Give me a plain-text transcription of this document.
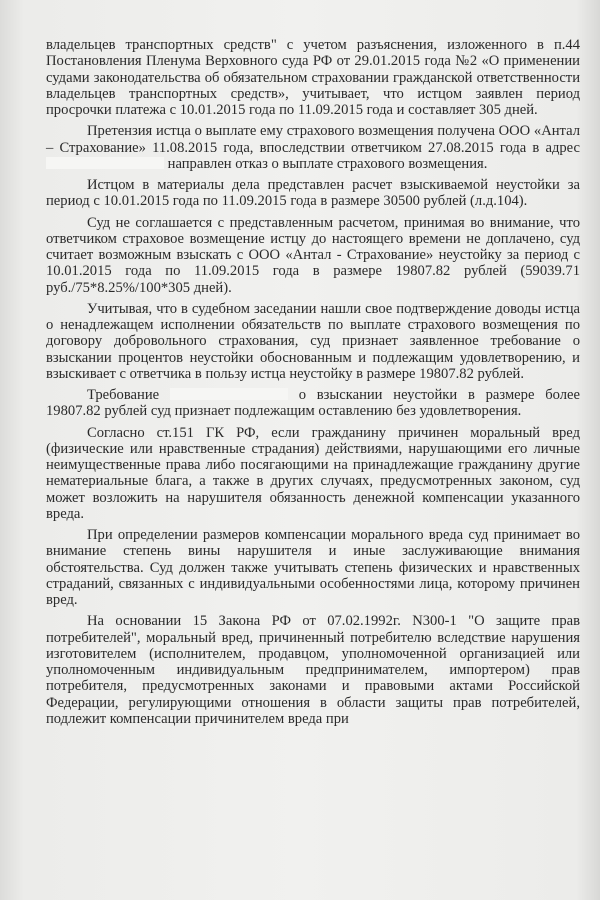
владельцев транспортных средств" с учетом разъяснения, изложенного в п.44 Постановления Пленума Верховного суда РФ от 29.01.2015 года №2 «О применении судами законодательства об обязательном страховании гражданской ответственности владельцев транспортных средств», учитывает, что истцом заявлен период просрочки платежа с 10.01.2015 года по 11.09.2015 года и составляет 305 дней.

Претензия истца о выплате ему страхового возмещения получена ООО «Антал – Страхование» 11.08.2015 года, впоследствии ответчиком 27.08.2015 года в адрес  направлен отказ о выплате страхового возмещения.

Истцом в материалы дела представлен расчет взыскиваемой неустойки за период с 10.01.2015 года по 11.09.2015 года в размере 30500 рублей (л.д.104).

Суд не соглашается с представленным расчетом, принимая во внимание, что ответчиком страховое возмещение истцу до настоящего времени не доплачено, суд считает возможным взыскать с ООО «Антал - Страхование» неустойку за период с 10.01.2015 года по 11.09.2015 года в размере 19807.82 рублей (59039.71 руб./75*8.25%/100*305 дней).

Учитывая, что в судебном заседании нашли свое подтверждение доводы истца о ненадлежащем исполнении обязательств по выплате страхового возмещения по договору добровольного страхования, суд признает заявленное требование о взыскании процентов неустойки обоснованным и подлежащим удовлетворению, и взыскивает с ответчика в пользу истца неустойку в размере 19807.82 рублей.

Требование	о взыскании неустойки в размере более 19807.82 рублей суд признает подлежащим оставлению без удовлетворения.

Согласно ст.151 ГК РФ, если гражданину причинен моральный вред (физические или нравственные страдания) действиями, нарушающими его личные неимущественные права либо посягающими на принадлежащие гражданину другие нематериальные блага, а также в других случаях, предусмотренных законом, суд может возложить на нарушителя обязанность денежной компенсации указанного вреда.

При определении размеров компенсации морального вреда суд принимает во внимание степень вины нарушителя и иные заслуживающие внимания обстоятельства. Суд должен также учитывать степень физических и нравственных страданий, связанных с индивидуальными особенностями лица, которому причинен вред.

На основании 15 Закона РФ от 07.02.1992г. N300-1 "О защите прав потребителей", моральный вред, причиненный потребителю вследствие нарушения изготовителем (исполнителем, продавцом, уполномоченной организацией или уполномоченным индивидуальным предпринимателем, импортером) прав потребителя, предусмотренных законами и правовыми актами Российской Федерации, регулирующими отношения в области защиты прав потребителей, подлежит компенсации причинителем вреда при
